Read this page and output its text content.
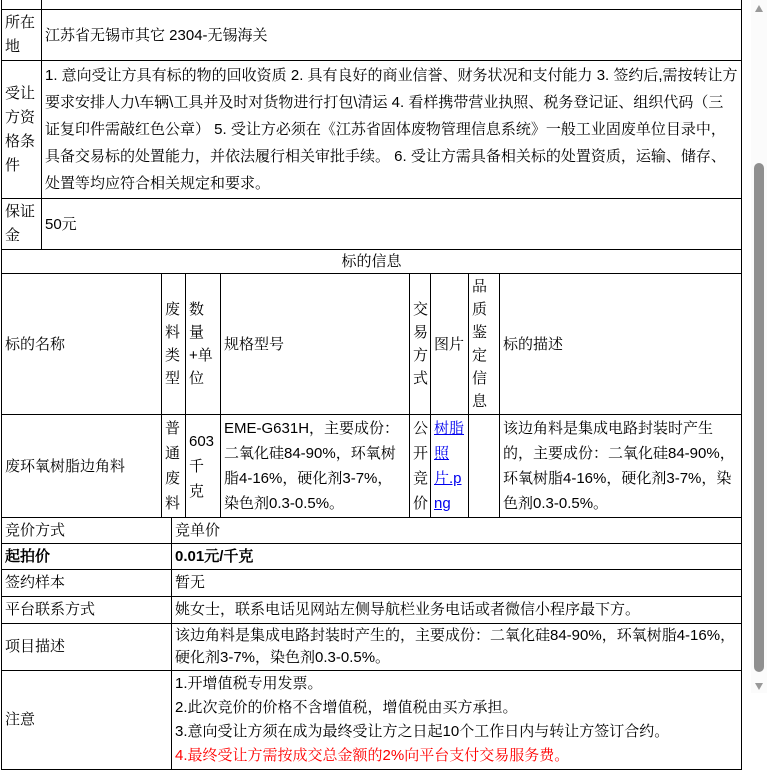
所在地	江苏省无锡市其它 2304-无锡海关
受让方资格条件	1. 意向受让方具有标的物的回收资质 2. 具有良好的商业信誉、财务状况和支付能力 3. 签约后,需按转让方要求安排人力\车辆\工具并及时对货物进行打包\清运 4. 看样携带营业执照、税务登记证、组织代码（三证复印件需敲红色公章） 5. 受让方必须在《江苏省固体废物管理信息系统》一般工业固废单位目录中，具备交易标的处置能力，并依法履行相关审批手续。 6. 受让方需具备相关标的处置资质，运输、储存、处置等均应符合相关规定和要求。
保证金	50元
标的信息							
标的名称	废料类型	数量+单位	规格型号	交易方式	图片	品质鉴定信息	标的描述
废环氧树脂边角料	普通废料	603 千克	EME-G631H，主要成份：二氧化硅84-90%，环氧树脂4-16%，硬化剂3-7%，染色剂0.3-0.5%。	公开竞价	树脂照片.png		该边角料是集成电路封装时产生的，主要成份：二氧化硅84-90%，环氧树脂4-16%，硬化剂3-7%，染色剂0.3-0.5%。
竞价方式	竞单价
起拍价	0.01元/千克
签约样本	暂无
平台联系方式	姚女士，联系电话见网站左侧导航栏业务电话或者微信小程序最下方。
项目描述	该边角料是集成电路封装时产生的，主要成份：二氧化硅84-90%，环氧树脂4-16%，硬化剂3-7%，染色剂0.3-0.5%。
注意	1.开增值税专用发票。
2.此次竞价的价格不含增值税，增值税由买方承担。
3.意向受让方须在成为最终受让方之日起10个工作日内与转让方签订合约。
4.最终受让方需按成交总金额的2%向平台支付交易服务费。
